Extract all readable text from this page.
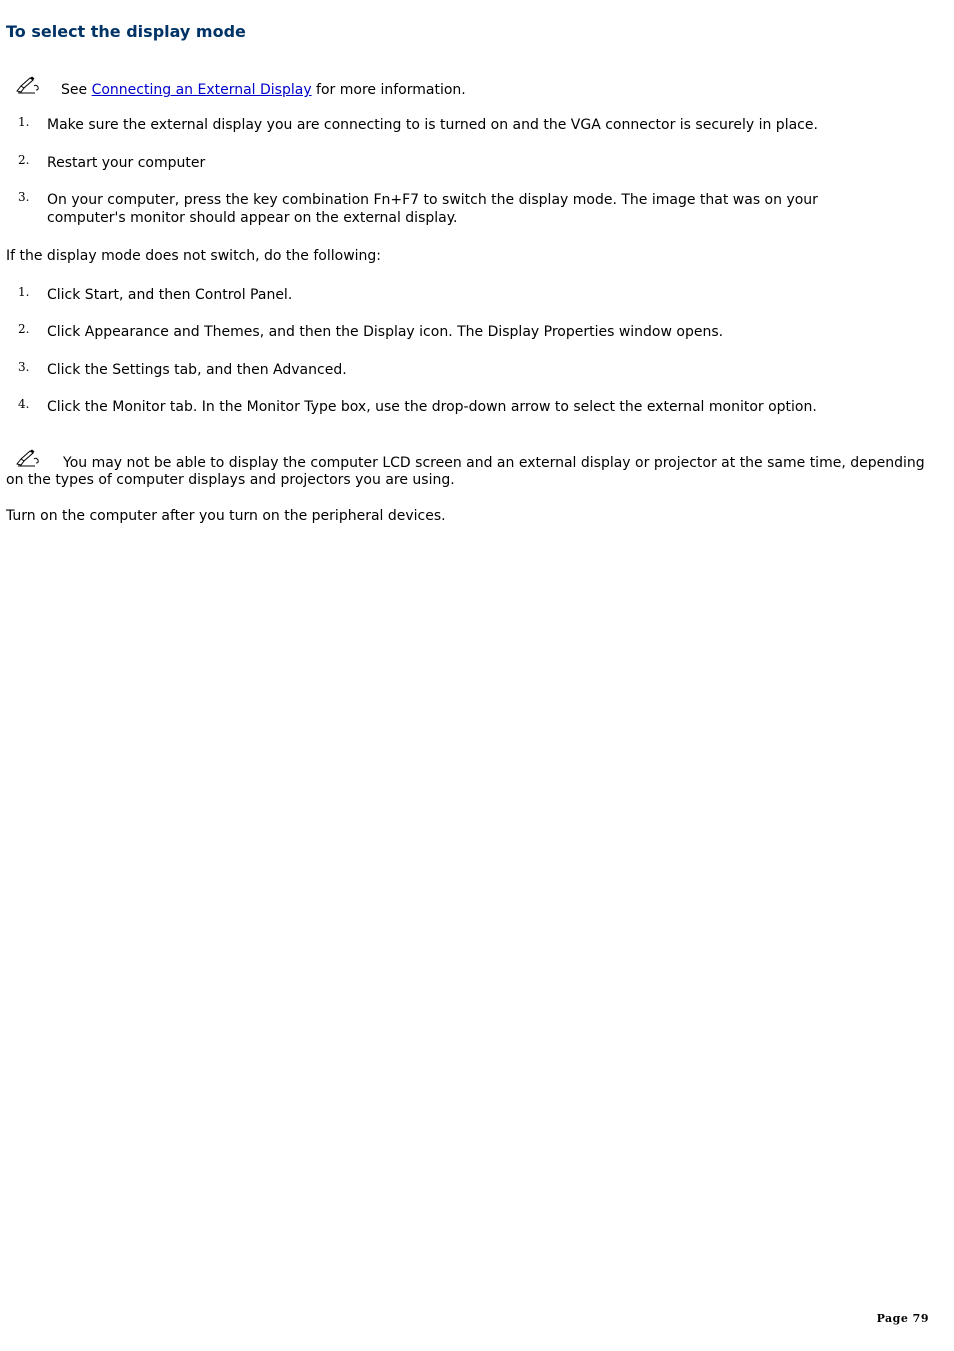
To select the display mode

See Connecting an External Display for more information.

1. Make sure the external display you are connecting to is turned on and the VGA connector is securely in place.
2. Restart your computer
3. On your computer, press the key combination Fn+F7 to switch the display mode. The image that was on your computer's monitor should appear on the external display.

If the display mode does not switch, do the following:

1. Click Start, and then Control Panel.
2. Click Appearance and Themes, and then the Display icon. The Display Properties window opens.
3. Click the Settings tab, and then Advanced.
4. Click the Monitor tab. In the Monitor Type box, use the drop-down arrow to select the external monitor option.

You may not be able to display the computer LCD screen and an external display or projector at the same time, depending on the types of computer displays and projectors you are using.

Turn on the computer after you turn on the peripheral devices.

Page 79
